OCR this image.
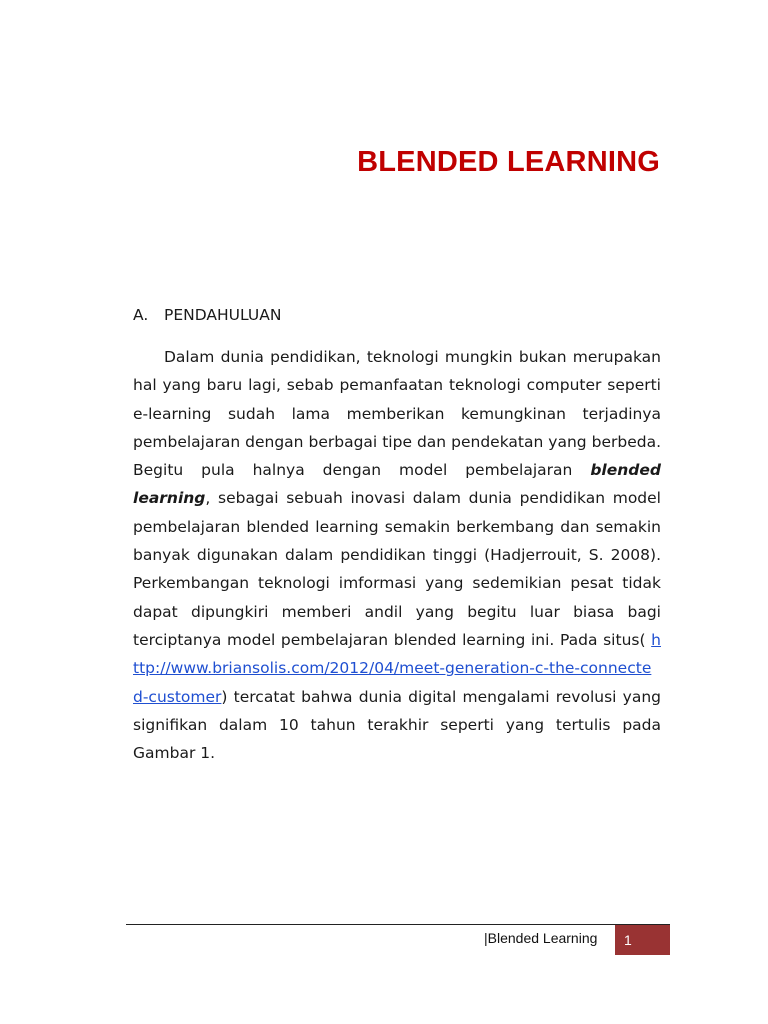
BLENDED LEARNING
A. PENDAHULUAN

Dalam dunia pendidikan, teknologi mungkin bukan merupakan hal yang baru lagi, sebab pemanfaatan teknologi computer seperti e-learning sudah lama memberikan kemungkinan terjadinya pembelajaran dengan berbagai tipe dan pendekatan yang berbeda. Begitu pula halnya dengan model pembelajaran blended learning, sebagai sebuah inovasi dalam dunia pendidikan model pembelajaran blended learning semakin berkembang dan semakin banyak digunakan dalam pendidikan tinggi (Hadjerrouit, S. 2008). Perkembangan teknologi imformasi yang sedemikian pesat tidak dapat dipungkiri memberi andil yang begitu luar biasa bagi terciptanya model pembelajaran blended learning ini. Pada situs( http://www.briansolis.com/2012/04/meet-generation-c-the-connected-customer) tercatat bahwa dunia digital mengalami revolusi yang signifikan dalam 10 tahun terakhir seperti yang tertulis pada Gambar 1.

|Blended Learning	1
